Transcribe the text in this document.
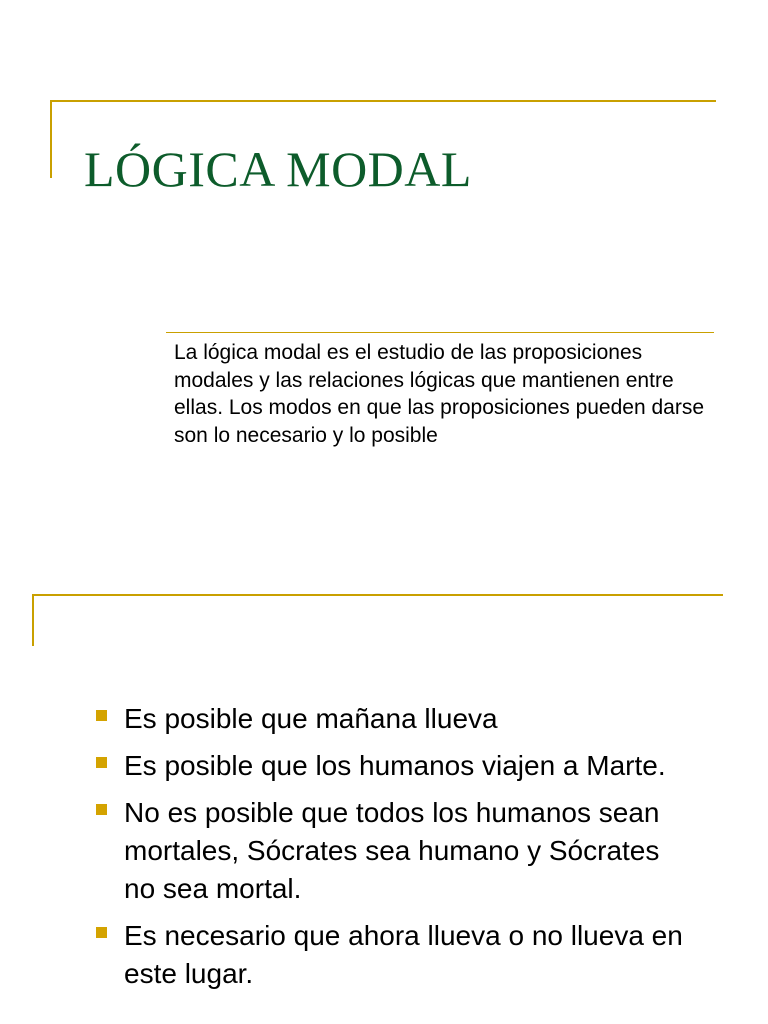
LÓGICA MODAL

La lógica modal es el estudio de las proposiciones modales y las relaciones lógicas que mantienen entre ellas. Los modos en que las proposiciones pueden darse son lo necesario y lo posible

Es posible que mañana llueva
Es posible que los humanos viajen a Marte.
No es posible que todos los humanos sean mortales, Sócrates sea humano y Sócrates no sea mortal.
Es necesario que ahora llueva o no llueva en este lugar.
